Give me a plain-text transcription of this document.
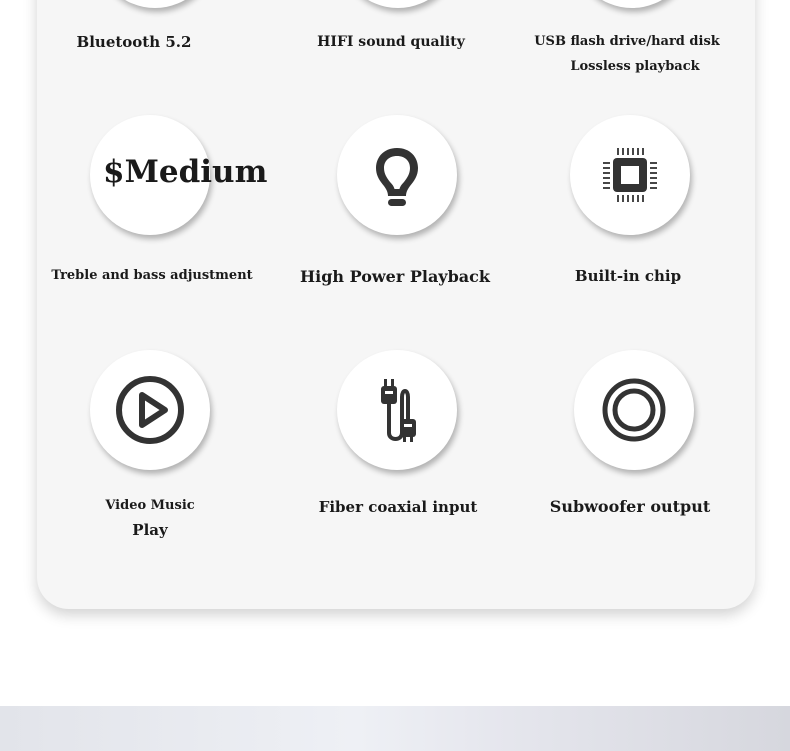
Bluetooth 5.2	HIFI sound quality	USB flash drive/hard disk
Lossless playback
$Medium
Treble and bass adjustment	High Power Playback	Built-in chip
Video Music
Play
Fiber coaxial input	Subwoofer output
